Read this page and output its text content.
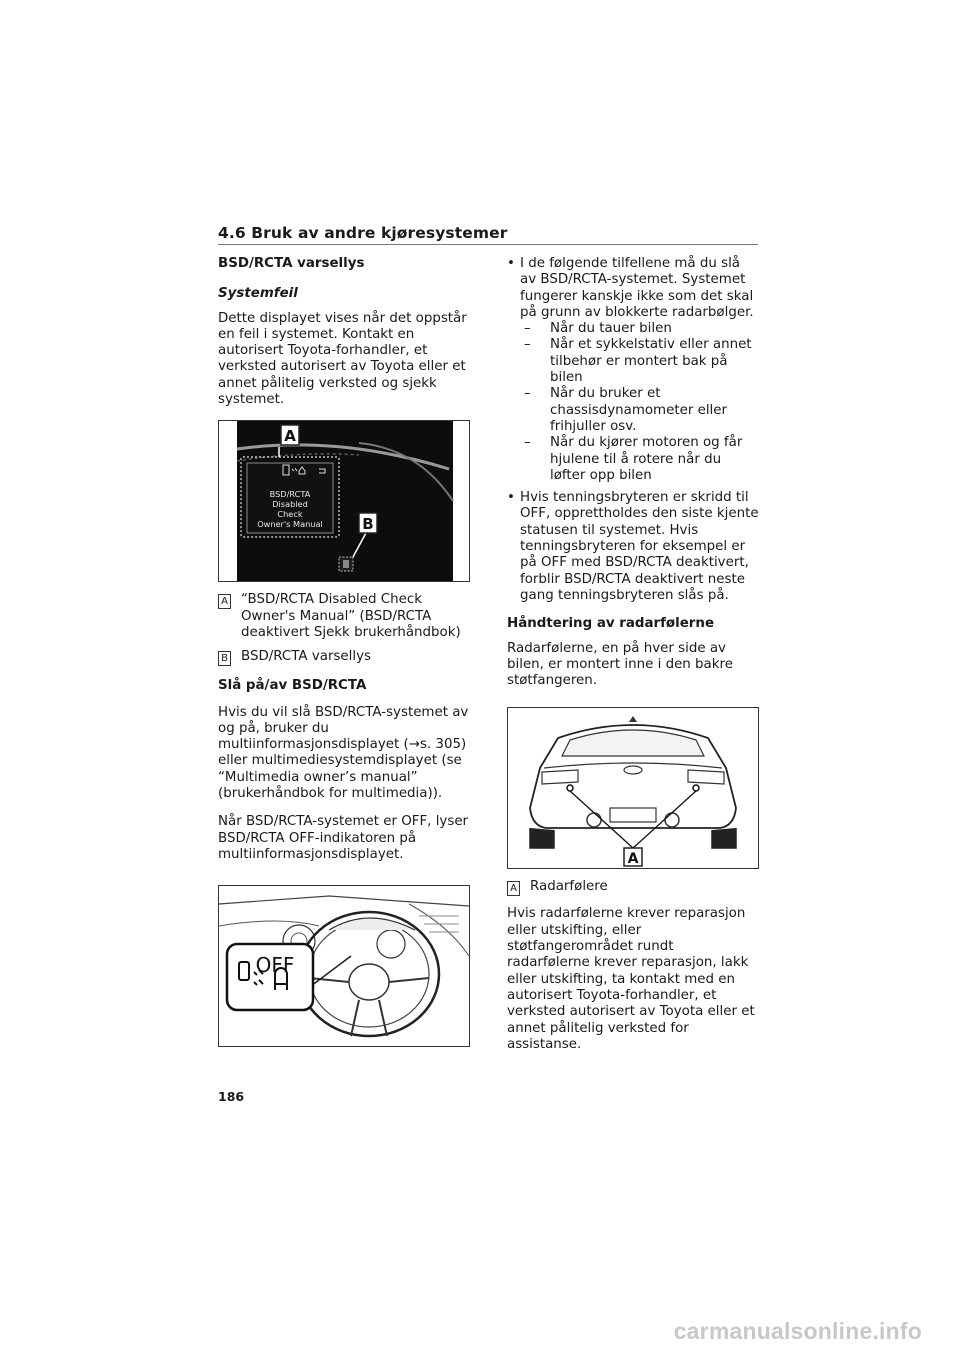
4.6 Bruk av andre kjøresystemer
BSD/RCTA varsellys
Systemfeil

Dette displayet vises når det oppstår en feil i systemet. Kontakt en autorisert Toyota-forhandler, et verksted autorisert av Toyota eller et annet pålitelig verksted og sjekk systemet.

BSD/RCTA
Disabled
Check
Owner's Manual
A
B
A “BSD/RCTA Disabled Check Owner's Manual” (BSD/RCTA deaktivert Sjekk brukerhåndbok)
B BSD/RCTA varsellys
Slå på/av BSD/RCTA

Hvis du vil slå BSD/RCTA-systemet av og på, bruker du multiinformasjonsdisplayet (→s. 305) eller multimediesystemdisplayet (se “Multimedia owner’s manual” (brukerhåndbok for multimedia)).

Når BSD/RCTA-systemet er OFF, lyser BSD/RCTA OFF-indikatoren på multiinformasjonsdisplayet.

OFF
• I de følgende tilfellene må du slå av BSD/RCTA-systemet. Systemet fungerer kanskje ikke som det skal på grunn av blokkerte radarbølger.
– Når du tauer bilen
– Når et sykkelstativ eller annet tilbehør er montert bak på bilen
– Når du bruker et chassisdynamometer eller frihjuller osv.
– Når du kjører motoren og får hjulene til å rotere når du løfter opp bilen
• Hvis tenningsbryteren er skridd til OFF, opprettholdes den siste kjente statusen til systemet. Hvis tenningsbryteren for eksempel er på OFF med BSD/RCTA deaktivert, forblir BSD/RCTA deaktivert neste gang tenningsbryteren slås på.
Håndtering av radarfølerne

Radarfølerne, en på hver side av bilen, er montert inne i den bakre støtfangeren.

A
A Radarfølere

Hvis radarfølerne krever reparasjon eller utskifting, eller støtfangerområdet rundt radarfølerne krever reparasjon, lakk eller utskifting, ta kontakt med en autorisert Toyota-forhandler, et verksted autorisert av Toyota eller et annet pålitelig verksted for assistanse.

186
carmanualsonline.info
